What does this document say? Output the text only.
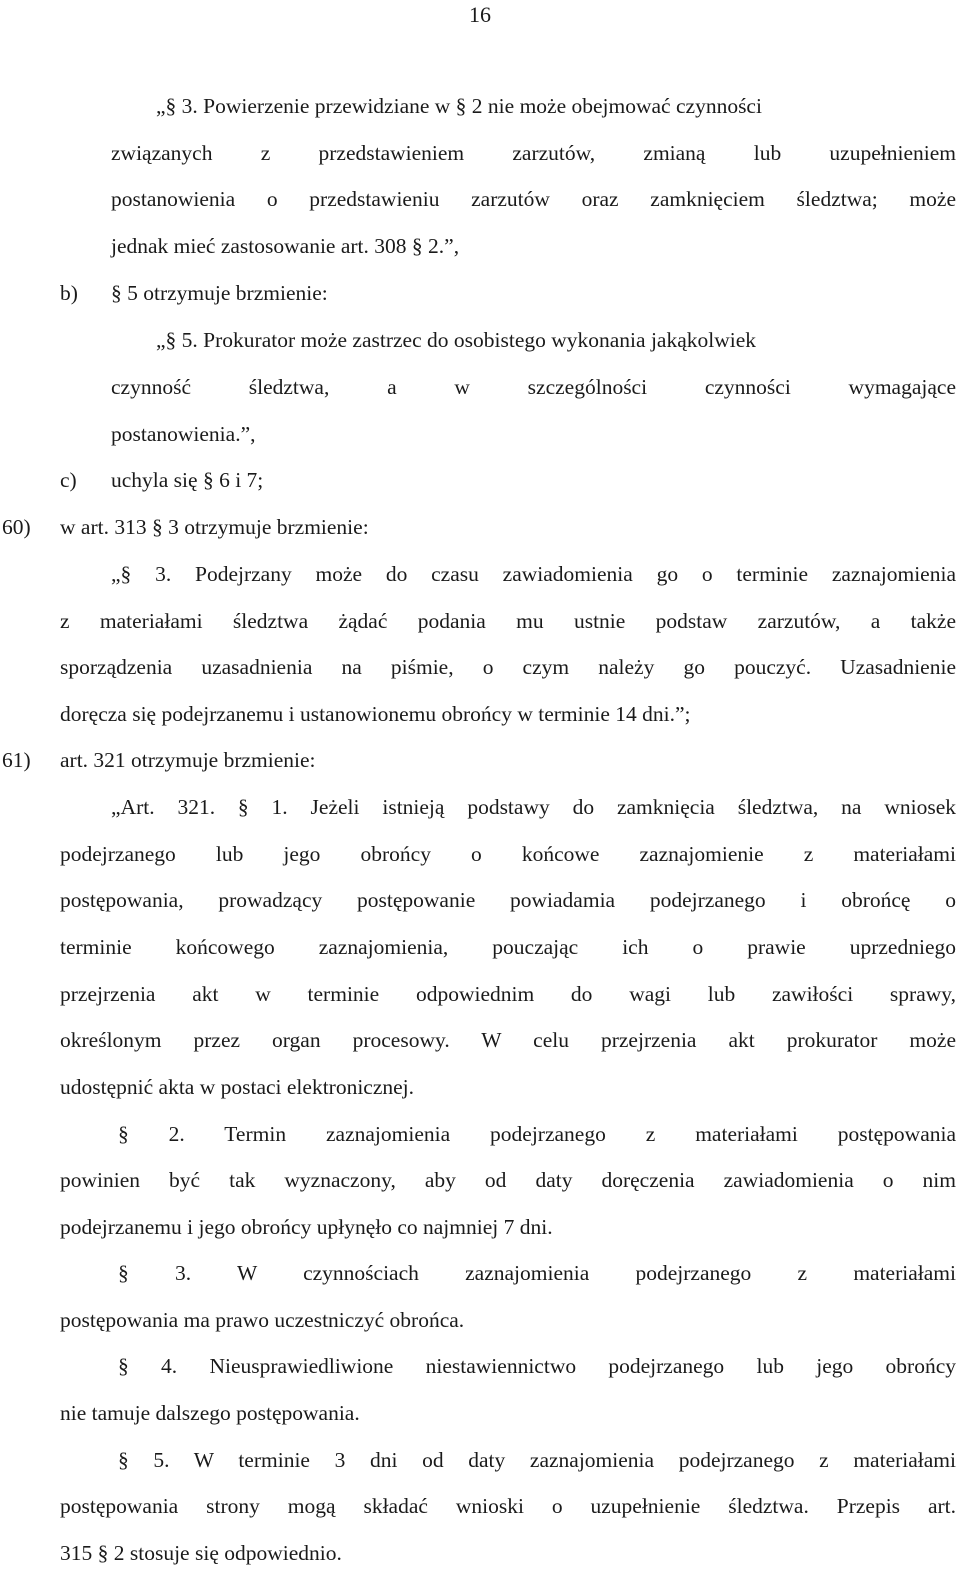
16
„§ 3. Powierzenie przewidziane w § 2 nie może obejmować czynności
związanych z przedstawieniem zarzutów, zmianą lub uzupełnieniem
postanowienia o przedstawieniu zarzutów oraz zamknięciem śledztwa; może
jednak mieć zastosowanie art. 308 § 2.”,
b) § 5 otrzymuje brzmienie:
„§ 5. Prokurator może zastrzec do osobistego wykonania jakąkolwiek
czynność śledztwa, a w szczególności czynności wymagające
postanowienia.”,
c) uchyla się § 6 i 7;
60) w art. 313 § 3 otrzymuje brzmienie:
„§ 3. Podejrzany może do czasu zawiadomienia go o terminie zaznajomienia
z materiałami śledztwa żądać podania mu ustnie podstaw zarzutów, a także
sporządzenia uzasadnienia na piśmie, o czym należy go pouczyć. Uzasadnienie
doręcza się podejrzanemu i ustanowionemu obrońcy w terminie 14 dni.”;
61) art. 321 otrzymuje brzmienie:
„Art. 321. § 1. Jeżeli istnieją podstawy do zamknięcia śledztwa, na wniosek
podejrzanego lub jego obrońcy o końcowe zaznajomienie z materiałami
postępowania, prowadzący postępowanie powiadamia podejrzanego i obrońcę o
terminie końcowego zaznajomienia, pouczając ich o prawie uprzedniego
przejrzenia akt w terminie odpowiednim do wagi lub zawiłości sprawy,
określonym przez organ procesowy. W celu przejrzenia akt prokurator może
udostępnić akta w postaci elektronicznej.
§ 2. Termin zaznajomienia podejrzanego z materiałami postępowania
powinien być tak wyznaczony, aby od daty doręczenia zawiadomienia o nim
podejrzanemu i jego obrońcy upłynęło co najmniej 7 dni.
§ 3. W czynnościach zaznajomienia podejrzanego z materiałami
postępowania ma prawo uczestniczyć obrońca.
§ 4. Nieusprawiedliwione niestawiennictwo podejrzanego lub jego obrońcy
nie tamuje dalszego postępowania.
§ 5. W terminie 3 dni od daty zaznajomienia podejrzanego z materiałami
postępowania strony mogą składać wnioski o uzupełnienie śledztwa. Przepis art.
315 § 2 stosuje się odpowiednio.
